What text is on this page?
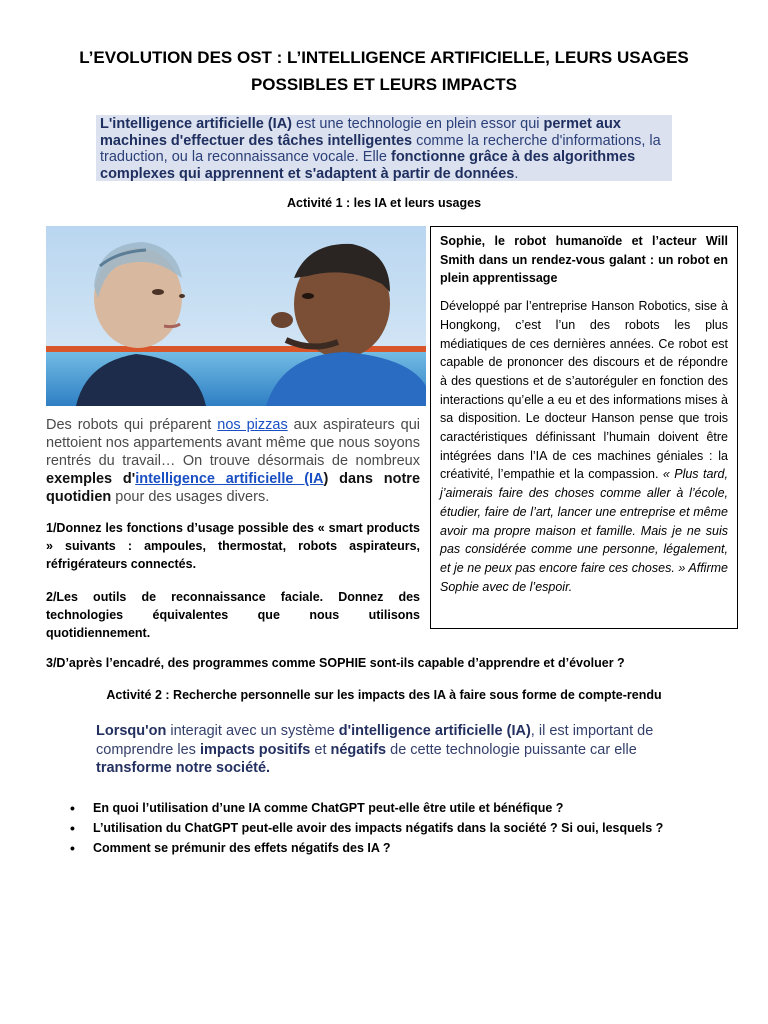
L’EVOLUTION DES OST : L’INTELLIGENCE ARTIFICIELLE, LEURS USAGES
POSSIBLES ET LEURS IMPACTS
L'intelligence artificielle (IA) est une technologie en plein essor qui permet aux machines d'effectuer des tâches intelligentes comme la recherche d'informations, la traduction, ou la reconnaissance vocale. Elle fonctionne grâce à des algorithmes complexes qui apprennent et s'adaptent à partir de données.
Activité 1 : les IA et leurs usages
Des robots qui préparent nos pizzas aux aspirateurs qui nettoient nos appartements avant même que nous soyons rentrés du travail… On trouve désormais de nombreux exemples d'intelligence artificielle (IA) dans notre quotidien pour des usages divers.
1/Donnez les fonctions d’usage possible des « smart products » suivants : ampoules, thermostat, robots aspirateurs, réfrigérateurs connectés.
2/Les outils de reconnaissance faciale. Donnez des technologies équivalentes que nous utilisons quotidiennement.

Sophie, le robot humanoïde et l’acteur Will Smith dans un rendez-vous galant : un robot en plein apprentissage

Développé par l’entreprise Hanson Robotics, sise à Hongkong, c’est l’un des robots les plus médiatiques de ces dernières années. Ce robot est capable de prononcer des discours et de répondre à des questions et de s’autoréguler en fonction des interactions qu’elle a eu et des informations mises à sa disposition. Le docteur Hanson pense que trois caractéristiques définissant l’humain doivent être intégrées dans l’IA de ces machines géniales : la créativité, l’empathie et la compassion. « Plus tard, j’aimerais faire des choses comme aller à l’école, étudier, faire de l’art, lancer une entreprise et même avoir ma propre maison et famille. Mais je ne suis pas considérée comme une personne, légalement, et je ne peux pas encore faire ces choses. » Affirme Sophie avec de l’espoir.

3/D’après l’encadré, des programmes comme SOPHIE sont-ils capable d’apprendre et d’évoluer ?
Activité 2 : Recherche personnelle sur les impacts des IA à faire sous forme de compte-rendu
Lorsqu'on interagit avec un système d'intelligence artificielle (IA), il est important de comprendre les impacts positifs et négatifs de cette technologie puissante car elle transforme notre société.
• En quoi l’utilisation d’une IA comme ChatGPT peut-elle être utile et bénéfique ?
• L’utilisation du ChatGPT peut-elle avoir des impacts négatifs dans la société ? Si oui, lesquels ?
• Comment se prémunir des effets négatifs des IA ?
